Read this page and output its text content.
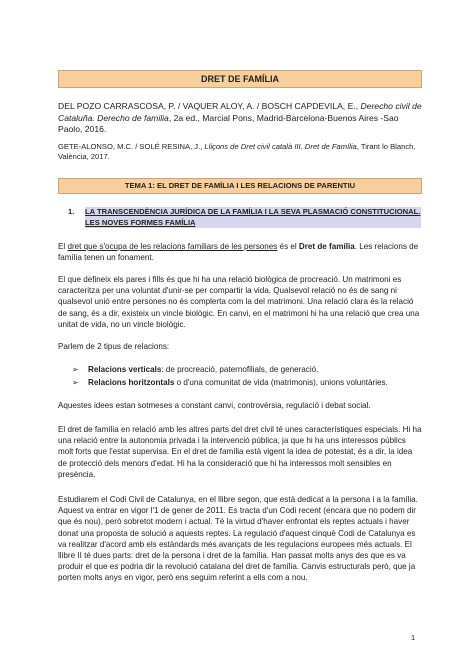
DRET DE FAMÍLIA

DEL POZO CARRASCOSA, P. / VAQUER ALOY, A. / BOSCH CAPDEVILA, E., Derecho civil de Cataluña. Derecho de familia, 2a ed., Marcial Pons, Madrid-Barcelona-Buenos Aires -Sao Paolo, 2016.

GETE-ALONSO, M.C. / SOLÉ RESINA, J., Lliçons de Dret civil català III. Dret de Família, Tirant lo Blanch, València, 2017.

TEMA 1: EL DRET DE FAMÍLIA I LES RELACIONS DE PARENTIU
1. LA TRANSCENDÈNCIA JURÍDICA DE LA FAMÍLIA I LA SEVA PLASMACIÓ CONSTITUCIONAL. LES NOVES FORMES FAMÍLIA

El dret que s'ocupa de les relacions familiars de les persones és el Dret de família. Les relacions de família tenen un fonament.

El que defineix els pares i fills és que hi ha una relació biològica de procreació. Un matrimoni es caracteritza per una voluntat d'unir-se per compartir la vida. Qualsevol relació no és de sang ni qualsevol unió entre persones no és complerta com la del matrimoni. Una relació clara és la relació de sang, és a dir, existeix un vincle biològic. En canvi, en el matrimoni hi ha una relació que crea una unitat de vida, no un vincle biològic.

Parlem de 2 tipus de relacions:

➢ Relacions verticals: de procreació, paternofilials, de generació.
➢ Relacions horitzontals o d'una comunitat de vida (matrimonis), unions voluntàries.

Aquestes idees estan sotmeses a constant canvi, controvèrsia, regulació i debat social.

El dret de família en relació amb les altres parts del dret civil té unes característiques especials. Hi ha una relació entre la autonomia privada i la intervenció pública, ja que hi ha uns interessos públics molt forts que l'estat supervisa. En el dret de família està vigent la idea de potestat, és a dir, la idea de protecció dels menors d'edat. Hi ha la consideració que hi ha interessos molt sensibles en presència.

Estudiarem el Codi Civil de Catalunya, en el llibre segon, que està dedicat a la persona i a la família. Aquest va entrar en vigor l'1 de gener de 2011. Es tracta d'un Codi recent (encara que no podem dir que és nou), però sobretot modern i actual. Té la virtud d'haver enfrontat els reptes actuals i haver donat una proposta de solució a aquests reptes. La regulació d'aquest cinquè Codi de Catalunya es va realitzar d'acord amb els estàndards més avançats de les regulacions europees més actuals. El llibre II té dues parts: dret de la persona i dret de la família. Han passat molts anys des que es va produir el que es podria dir la revolució catalana del dret de família. Canvis estructurals però, que ja porten molts anys en vigor, però ens seguim referint a ells com a nou.

1
